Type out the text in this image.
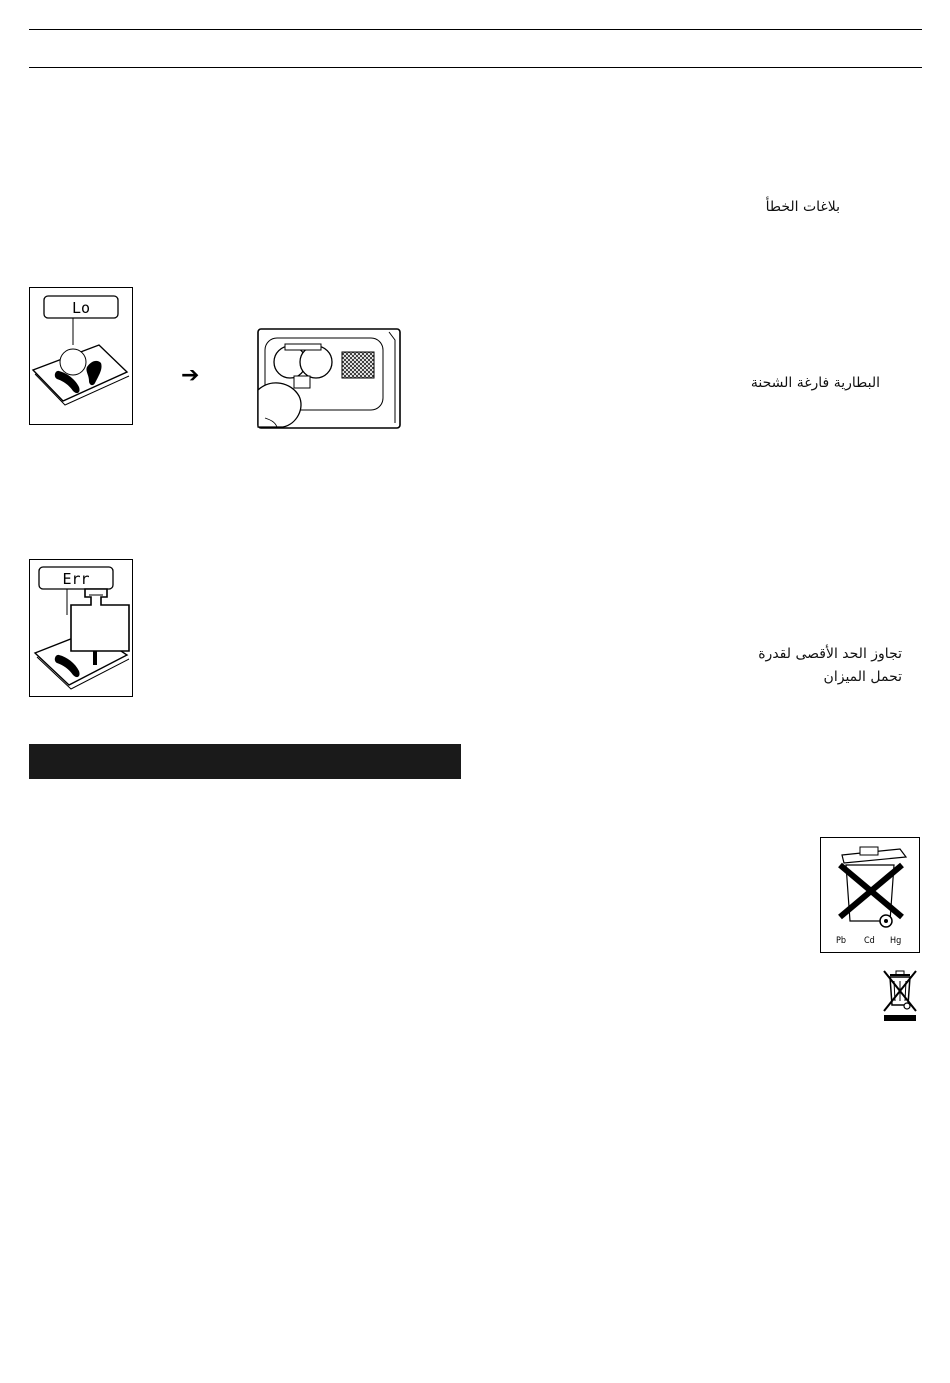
بلاغات الخطأ
Lo
➔	البطارية فارغة الشحنة
Err
تجاوز الحد الأقصى لقدرة
تحمل الميزان
Pb Cd Hg
